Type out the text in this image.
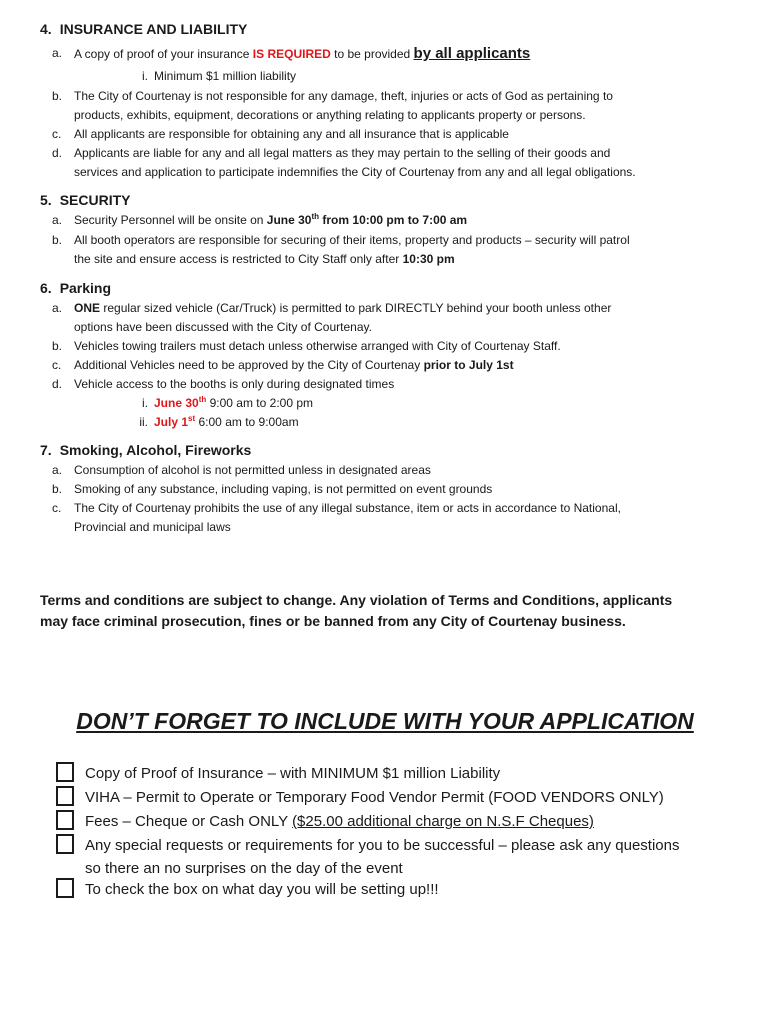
4. INSURANCE AND LIABILITY
a. A copy of proof of your insurance IS REQUIRED to be provided by all applicants
i. Minimum $1 million liability
b. The City of Courtenay is not responsible for any damage, theft, injuries or acts of God as pertaining to
products, exhibits, equipment, decorations or anything relating to applicants property or persons.
c. All applicants are responsible for obtaining any and all insurance that is applicable
d. Applicants are liable for any and all legal matters as they may pertain to the selling of their goods and
services and application to participate indemnifies the City of Courtenay from any and all legal obligations.
5. SECURITY
a. Security Personnel will be onsite on June 30th from 10:00 pm to 7:00 am
b. All booth operators are responsible for securing of their items, property and products – security will patrol
the site and ensure access is restricted to City Staff only after 10:30 pm
6. Parking
a. ONE regular sized vehicle (Car/Truck) is permitted to park DIRECTLY behind your booth unless other
options have been discussed with the City of Courtenay.
b. Vehicles towing trailers must detach unless otherwise arranged with City of Courtenay Staff.
c. Additional Vehicles need to be approved by the City of Courtenay prior to July 1st
d. Vehicle access to the booths is only during designated times
i. June 30th 9:00 am to 2:00 pm
ii. July 1st 6:00 am to 9:00am
7. Smoking, Alcohol, Fireworks
a. Consumption of alcohol is not permitted unless in designated areas
b. Smoking of any substance, including vaping, is not permitted on event grounds
c. The City of Courtenay prohibits the use of any illegal substance, item or acts in accordance to National,
Provincial and municipal laws
Terms and conditions are subject to change. Any violation of Terms and Conditions, applicants
may face criminal prosecution, fines or be banned from any City of Courtenay business.
DON’T FORGET TO INCLUDE WITH YOUR APPLICATION
Copy of Proof of Insurance – with MINIMUM $1 million Liability
VIHA – Permit to Operate or Temporary Food Vendor Permit (FOOD VENDORS ONLY)
Fees – Cheque or Cash ONLY ($25.00 additional charge on N.S.F Cheques)
Any special requests or requirements for you to be successful – please ask any questions
so there an no surprises on the day of the event
To check the box on what day you will be setting up!!!
